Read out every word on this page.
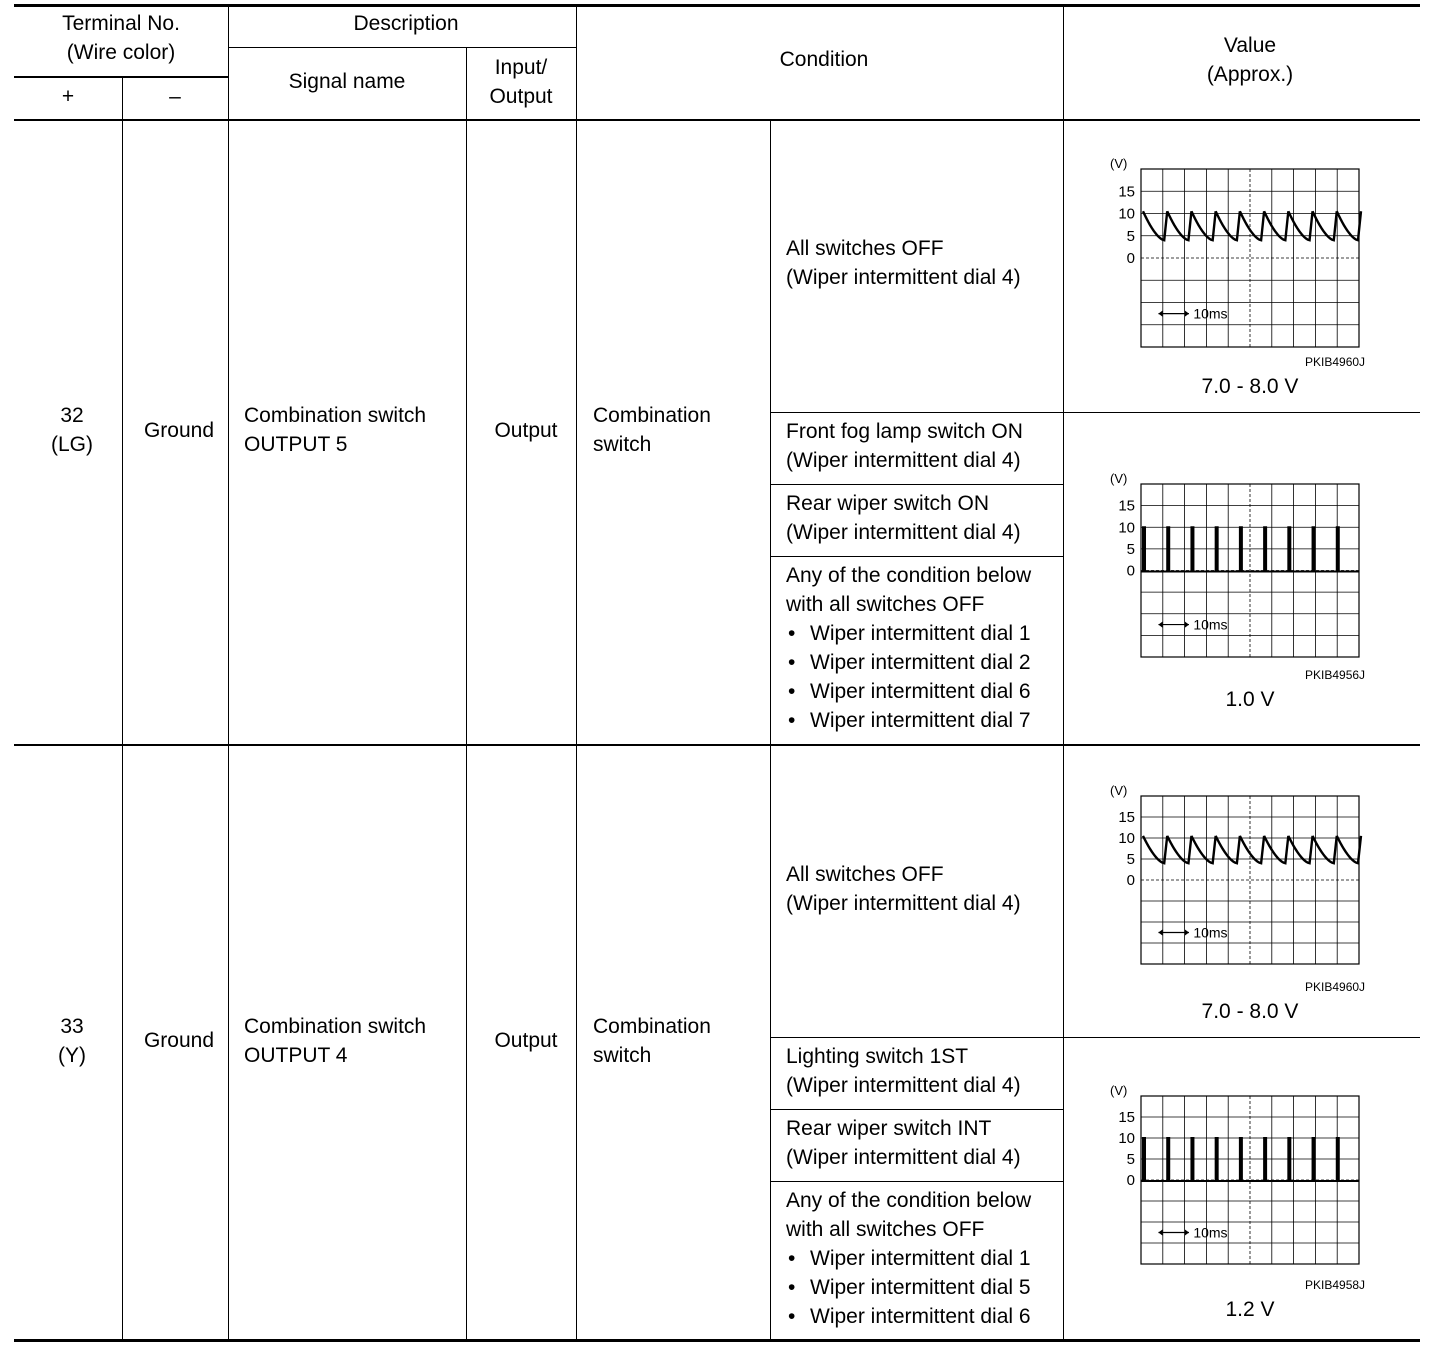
Terminal No.
(Wire color)
+	–
Description
Signal name
Input/
Output
Condition
Value
(Approx.)
32
(LG)
Ground
Combination switch
OUTPUT 5
Output
Combination
switch
All switches OFF
(Wiper intermittent dial 4)
Front fog lamp switch ON
(Wiper intermittent dial 4)
Rear wiper switch ON
(Wiper intermittent dial 4)
Any of the condition below
with all switches OFF
• Wiper intermittent dial 1
• Wiper intermittent dial 2
• Wiper intermittent dial 6
• Wiper intermittent dial 7
(V)
15
10
5
0
10ms
PKIB4960J
7.0 - 8.0 V
(V)
15
10
5
0
10ms
PKIB4956J
1.0 V
33
(Y)
Ground
Combination switch
OUTPUT 4
Output
Combination
switch
All switches OFF
(Wiper intermittent dial 4)
Lighting switch 1ST
(Wiper intermittent dial 4)
Rear wiper switch INT
(Wiper intermittent dial 4)
Any of the condition below
with all switches OFF
• Wiper intermittent dial 1
• Wiper intermittent dial 5
• Wiper intermittent dial 6
(V)
15
10
5
0
10ms
PKIB4960J
7.0 - 8.0 V
(V)
15
10
5
0
10ms
PKIB4958J
1.2 V
